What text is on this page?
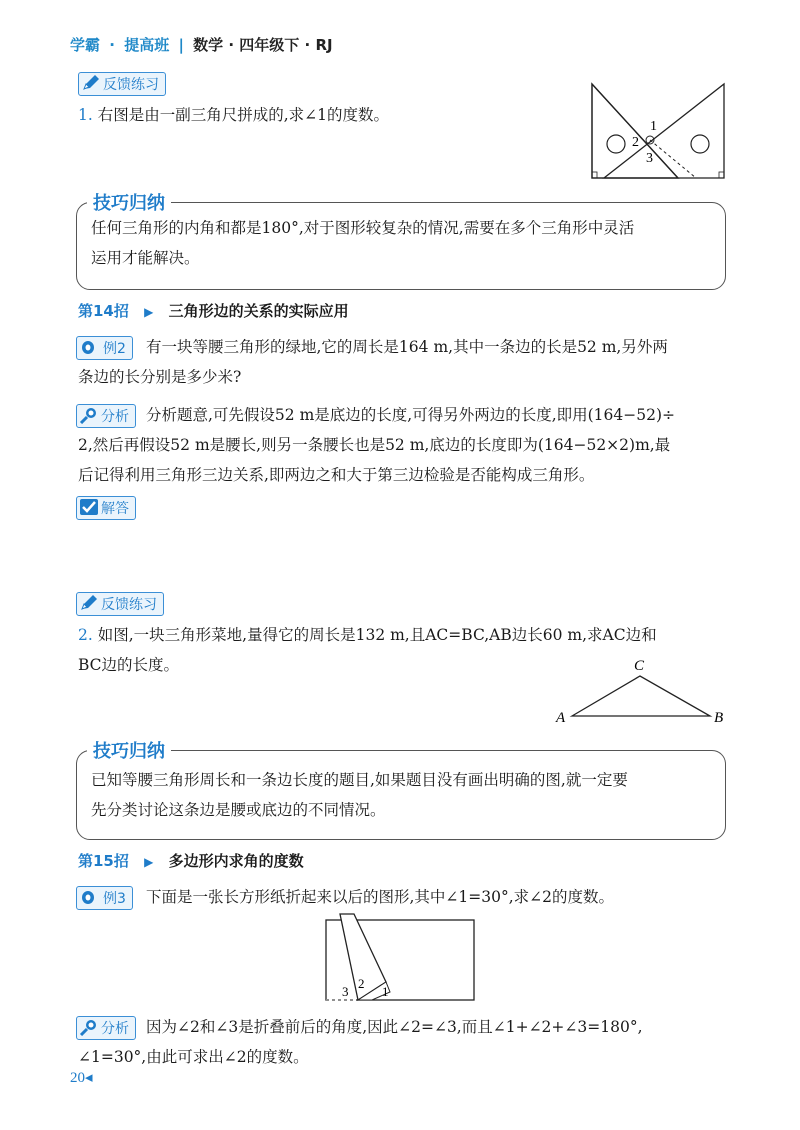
学霸 · 提高班 | 数学 · 四年级下 · RJ
反馈练习
1. 右图是由一副三角尺拼成的,求∠1的度数。
1
2
3
技巧归纳
任何三角形的内角和都是180°,对于图形较复杂的情况,需要在多个三角形中灵活
运用才能解决。
第14招 ▶ 三角形边的关系的实际应用
例2 有一块等腰三角形的绿地,它的周长是164 m,其中一条边的长是52 m,另外两
条边的长分别是多少米?
分析 分析题意,可先假设52 m是底边的长度,可得另外两边的长度,即用(164−52)÷
2,然后再假设52 m是腰长,则另一条腰长也是52 m,底边的长度即为(164−52×2)m,最
后记得利用三角形三边关系,即两边之和大于第三边检验是否能构成三角形。
解答
反馈练习
2. 如图,一块三角形菜地,量得它的周长是132 m,且AC=BC,AB边长60 m,求AC边和
BC边的长度。
A	B
C
技巧归纳
已知等腰三角形周长和一条边长度的题目,如果题目没有画出明确的图,就一定要
先分类讨论这条边是腰或底边的不同情况。
第15招 ▶ 多边形内求角的度数
例3 下面是一张长方形纸折起来以后的图形,其中∠1=30°,求∠2的度数。
3
2
1
分析 因为∠2和∠3是折叠前后的角度,因此∠2=∠3,而且∠1+∠2+∠3=180°,
∠1=30°,由此可求出∠2的度数。
20◂
